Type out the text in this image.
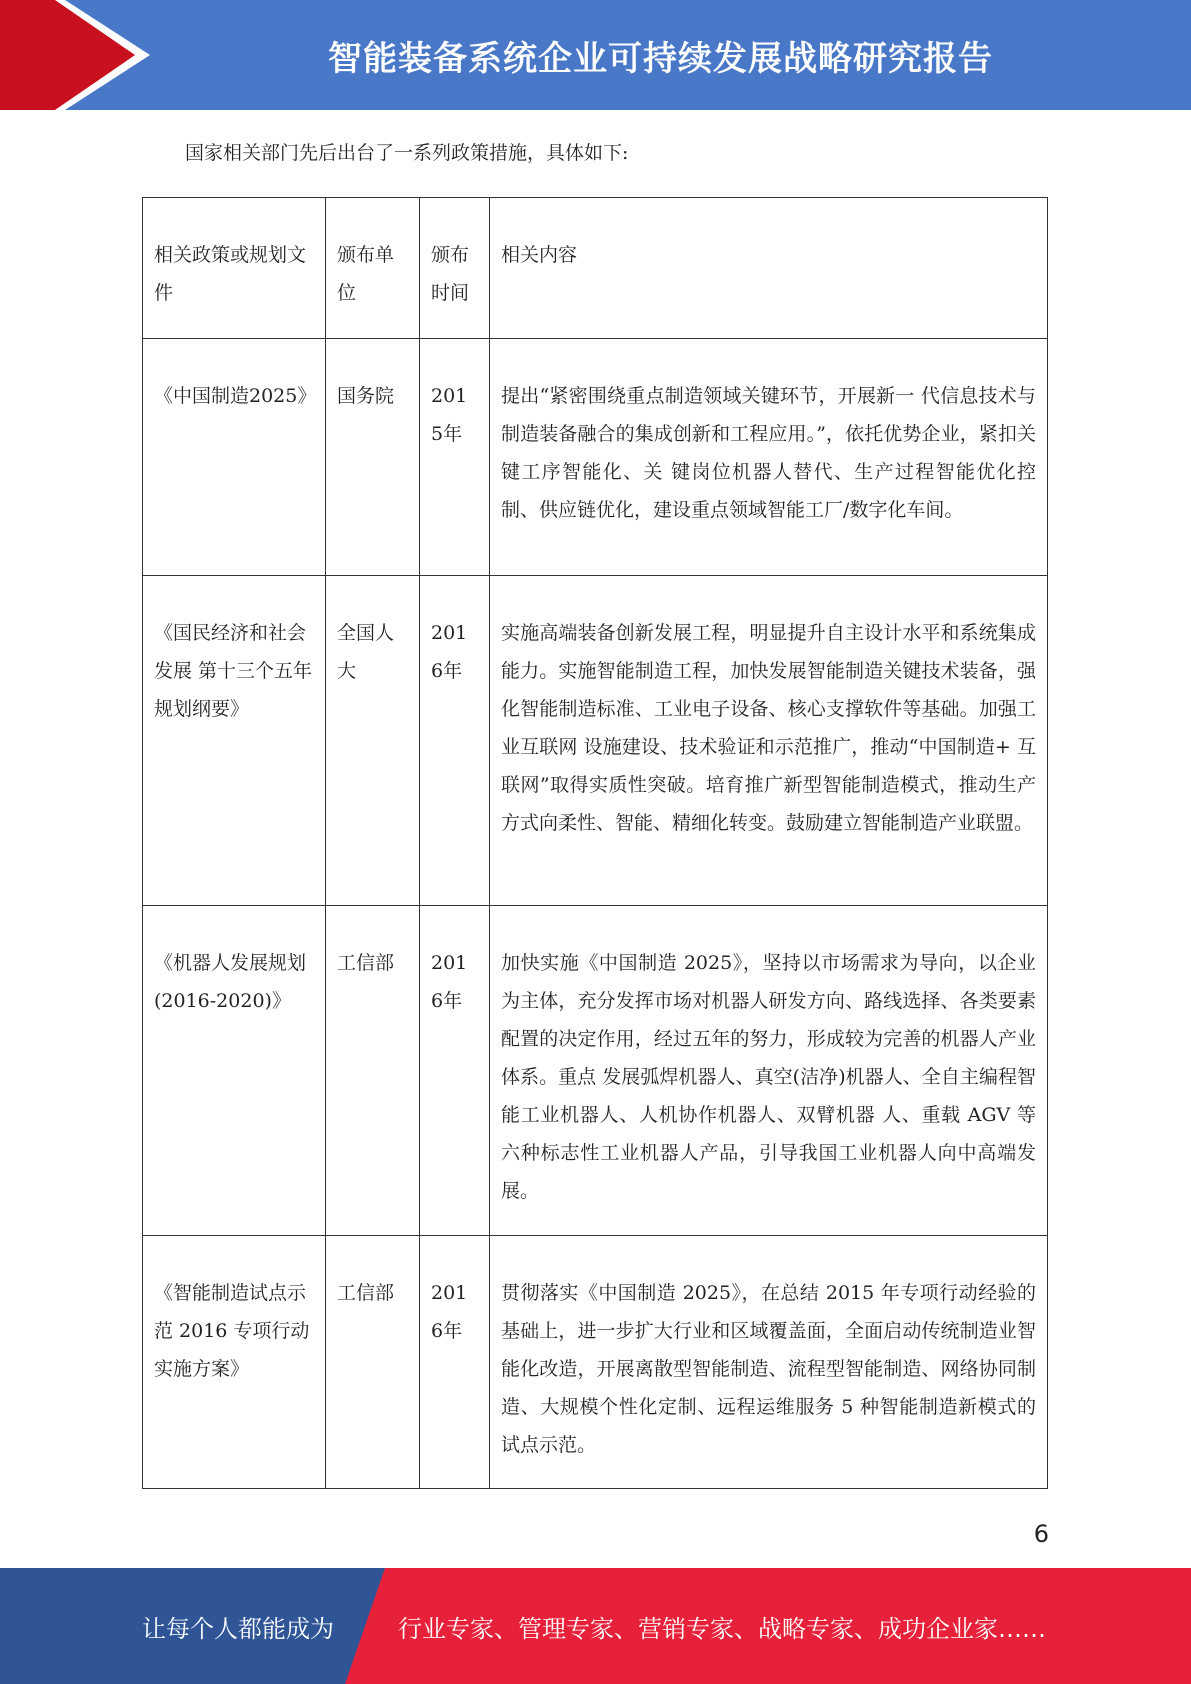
智能装备系统企业可持续发展战略研究报告
国家相关部门先后出台了一系列政策措施，具体如下:
相关政策或规划文件	颁布单位	颁布时间	相关内容
《中国制造2025》	国务院	2015年	提出“紧密围绕重点制造领域关键环节，开展新一 代信息技术与制造装备融合的集成创新和工程应用。”，依托优势企业，紧扣关键工序智能化、关 键岗位机器人替代、生产过程智能优化控制、供应链优化，建设重点领域智能工厂/数字化车间。
《国民经济和社会发展 第十三个五年规划纲要》	全国人大	2016年	实施高端装备创新发展工程，明显提升自主设计水平和系统集成能力。实施智能制造工程，加快发展智能制造关键技术装备，强化智能制造标准、工业电子设备、核心支撑软件等基础。加强工业互联网 设施建设、技术验证和示范推广，推动“中国制造+ 互联网”取得实质性突破。培育推广新型智能制造模式，推动生产方式向柔性、智能、精细化转变。鼓励建立智能制造产业联盟。
《机器人发展规划(2016-2020)》	工信部	2016年	加快实施《中国制造 2025》，坚持以市场需求为导向，以企业为主体，充分发挥市场对机器人研发方向、路线选择、各类要素配置的决定作用，经过五年的努力，形成较为完善的机器人产业体系。重点 发展弧焊机器人、真空(洁净)机器人、全自主编程智能工业机器人、人机协作机器人、双臂机器 人、重载 AGV 等六种标志性工业机器人产品，引导我国工业机器人向中高端发展。
《智能制造试点示范 2016 专项行动实施方案》	工信部	2016年	贯彻落实《中国制造 2025》，在总结 2015 年专项行动经验的基础上，进一步扩大行业和区域覆盖面，全面启动传统制造业智能化改造，开展离散型智能制造、流程型智能制造、网络协同制造、大规模个性化定制、远程运维服务 5 种智能制造新模式的试点示范。
6
让每个人都能成为	行业专家、管理专家、营销专家、战略专家、成功企业家……
